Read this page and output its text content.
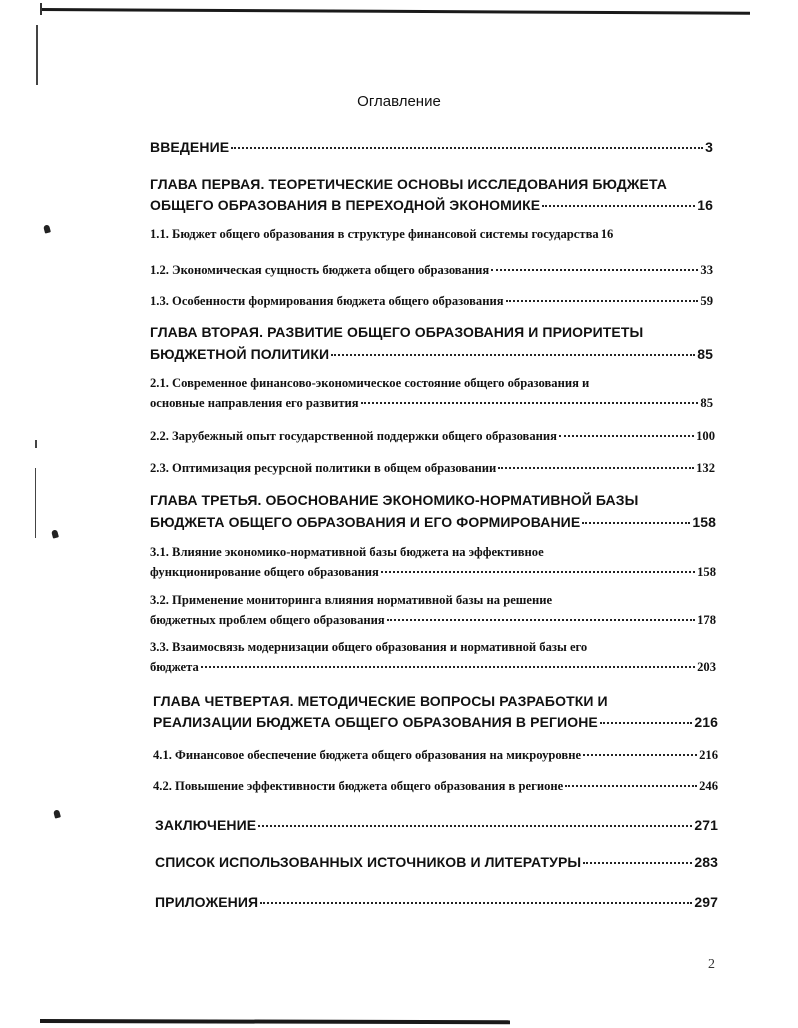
Оглавление
ВВЕДЕНИЕ	3
ГЛАВА ПЕРВАЯ. ТЕОРЕТИЧЕСКИЕ ОСНОВЫ ИССЛЕДОВАНИЯ БЮДЖЕТА
ОБЩЕГО ОБРАЗОВАНИЯ В ПЕРЕХОДНОЙ ЭКОНОМИКЕ	16
1.1. Бюджет общего образования в структуре финансовой системы государства 16
1.2. Экономическая сущность бюджета общего образования	33
1.3. Особенности формирования бюджета общего образования	59
ГЛАВА ВТОРАЯ. РАЗВИТИЕ ОБЩЕГО ОБРАЗОВАНИЯ И ПРИОРИТЕТЫ
БЮДЖЕТНОЙ ПОЛИТИКИ	85
2.1. Современное финансово-экономическое состояние общего образования и
основные направления его развития	85
2.2. Зарубежный опыт государственной поддержки общего образования	100
2.3. Оптимизация ресурсной политики в общем образовании	132
ГЛАВА ТРЕТЬЯ. ОБОСНОВАНИЕ ЭКОНОМИКО-НОРМАТИВНОЙ БАЗЫ
БЮДЖЕТА ОБЩЕГО ОБРАЗОВАНИЯ И ЕГО ФОРМИРОВАНИЕ	158
3.1. Влияние экономико-нормативной базы бюджета на эффективное
функционирование общего образования	158
3.2. Применение мониторинга влияния нормативной базы на решение
бюджетных проблем общего образования	178
3.3. Взаимосвязь модернизации общего образования и нормативной базы его
бюджета	203
ГЛАВА ЧЕТВЕРТАЯ. МЕТОДИЧЕСКИЕ ВОПРОСЫ РАЗРАБОТКИ И
РЕАЛИЗАЦИИ БЮДЖЕТА ОБЩЕГО ОБРАЗОВАНИЯ В РЕГИОНЕ	216
4.1. Финансовое обеспечение бюджета общего образования на микроуровне	216
4.2. Повышение эффективности бюджета общего образования в регионе	246
ЗАКЛЮЧЕНИЕ	271
СПИСОК ИСПОЛЬЗОВАННЫХ ИСТОЧНИКОВ И ЛИТЕРАТУРЫ	283
ПРИЛОЖЕНИЯ	297
2
